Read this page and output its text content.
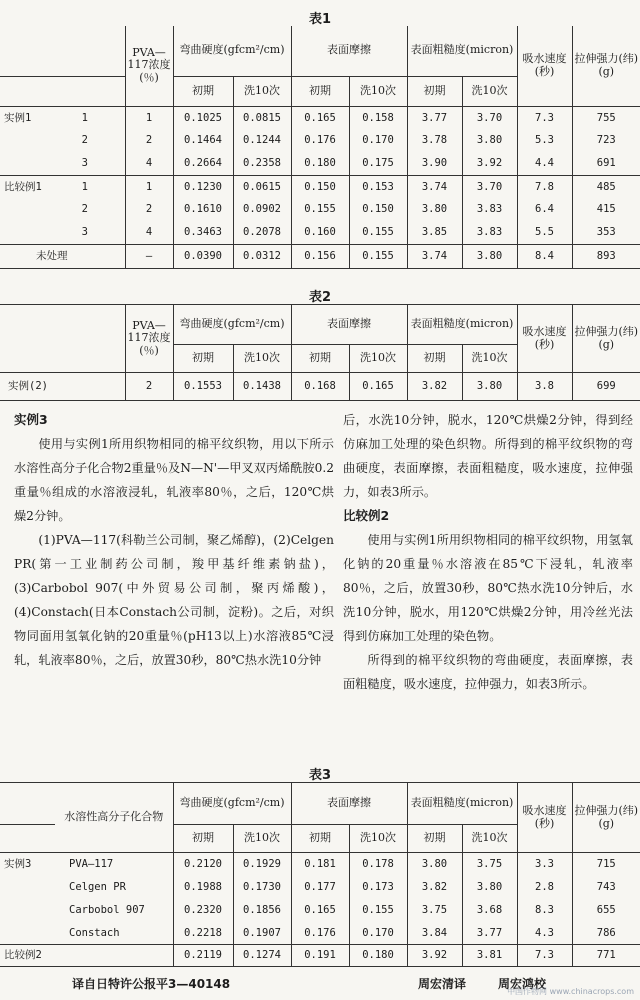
表1
		PVA—117浓度(％)	弯曲硬度(gfcm²/cm)		表面摩擦		表面粗糙度(micron)		吸水速度(秒)	拉伸强力(纬)(g)
			初期	洗10次	初期	洗10次	初期	洗10次		
实例1	1	1	0.1025	0.0815	0.165	0.158	3.77	3.70	7.3	755
	2	2	0.1464	0.1244	0.176	0.170	3.78	3.80	5.3	723
	3	4	0.2664	0.2358	0.180	0.175	3.90	3.92	4.4	691
比较例1	1	1	0.1230	0.0615	0.150	0.153	3.74	3.70	7.8	485
	2	2	0.1610	0.0902	0.155	0.150	3.80	3.83	6.4	415
	3	4	0.3463	0.2078	0.160	0.155	3.85	3.83	5.5	353
未处理		—	0.0390	0.0312	0.156	0.155	3.74	3.80	8.4	893
表2
	PVA—117浓度(％)	弯曲硬度(gfcm²/cm)		表面摩擦		表面粗糙度(micron)		吸水速度(秒)	拉伸强力(纬)(g)
		初期	洗10次	初期	洗10次	初期	洗10次		
实例(2)	2	0.1553	0.1438	0.168	0.165	3.82	3.80	3.8	699
实例3

使用与实例1所用织物相同的棉平纹织物，用以下所示水溶性高分子化合物2重量％及N—N'—甲叉双丙烯酰胺0.2重量％组成的水溶液浸轧，轧液率80％，之后，120℃烘燥2分钟。

(1)PVA—117(科勒兰公司制，聚乙烯醇)，(2)Celgen PR(第一工业制药公司制，羧甲基纤维素钠盐)，(3)Carbobol 907(中外贸易公司制，聚丙烯酸)，(4)Constach(日本Constach公司制，淀粉)。之后，对织物同面用氢氧化钠的20重量％(pH13以上)水溶液85℃浸轧，轧液率80％，之后，放置30秒，80℃热水洗10分钟

后，水洗10分钟，脱水，120℃烘燥2分钟，得到经仿麻加工处理的染色织物。所得到的棉平纹织物的弯曲硬度，表面摩擦，表面粗糙度，吸水速度，拉伸强力，如表3所示。

比较例2

使用与实例1所用织物相同的棉平纹织物，用氢氧化钠的20重量％水溶液在85℃下浸轧，轧液率80％，之后，放置30秒，80℃热水洗10分钟后，水洗10分钟，脱水，用120℃烘燥2分钟，用冷丝光法得到仿麻加工处理的染色物。

所得到的棉平纹织物的弯曲硬度，表面摩擦，表面粗糙度，吸水速度，拉伸强力，如表3所示。

表3
	水溶性高分子化合物	弯曲硬度(gfcm²/cm)		表面摩擦		表面粗糙度(micron)		吸水速度(秒)	拉伸强力(纬)(g)
		初期	洗10次	初期	洗10次	初期	洗10次		
实例3	PVA—117	0.2120	0.1929	0.181	0.178	3.80	3.75	3.3	715
	Celgen PR	0.1988	0.1730	0.177	0.173	3.82	3.80	2.8	743
	Carbobol 907	0.2320	0.1856	0.165	0.155	3.75	3.68	8.3	655
	Constach	0.2218	0.1907	0.176	0.170	3.84	3.77	4.3	786
比较例2		0.2119	0.1274	0.191	0.180	3.92	3.81	7.3	771
译自日特许公报平3—40148	周宏清译	周宏鸿校
中国作物网 www.chinacrops.com
